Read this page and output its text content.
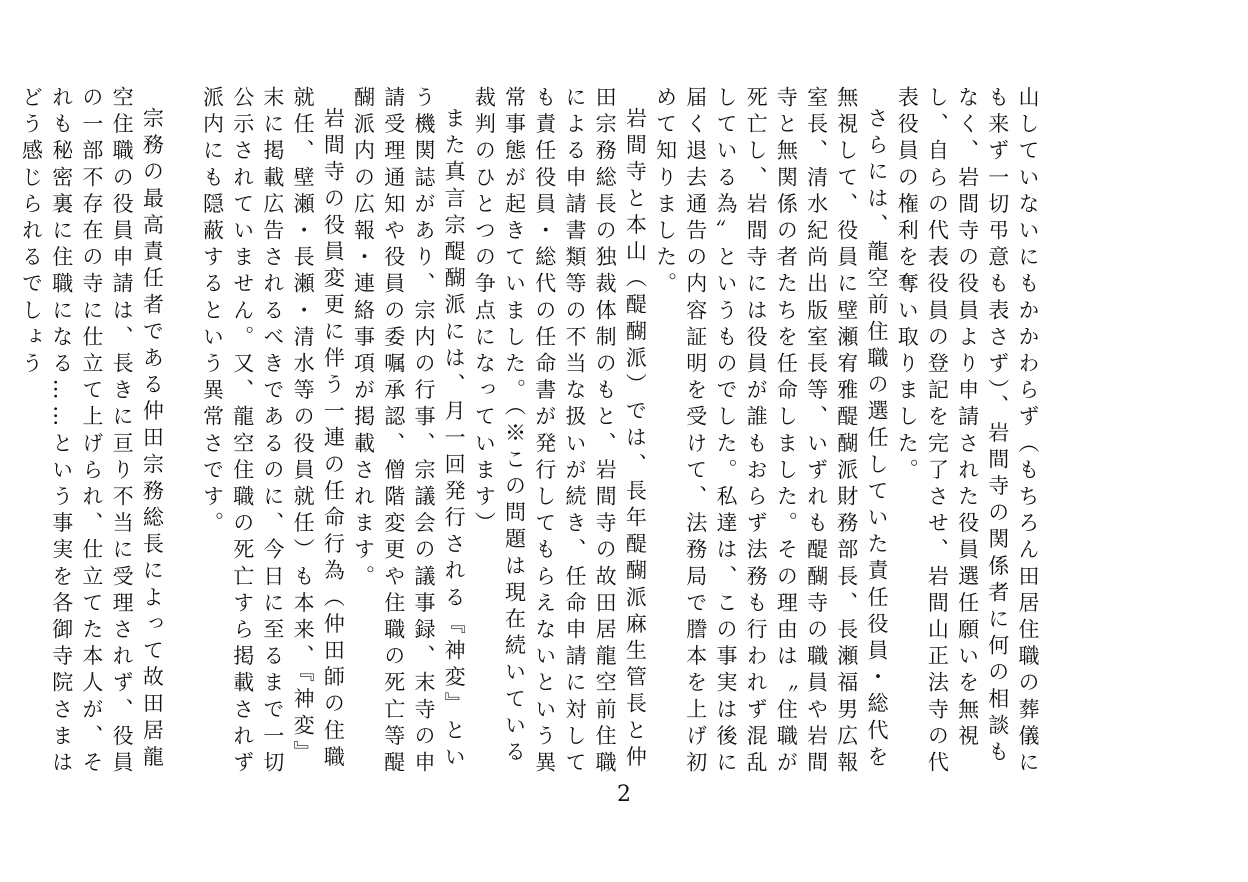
山していないにもかかわらず（もちろん田居住職の葬儀にも来ず一切弔意も表さず）、岩間寺の関係者に何の相談もなく、岩間寺の役員より申請された役員選任願いを無視し、自らの代表役員の登記を完了させ、岩間山正法寺の代表役員の権利を奪い取りました。

さらには、龍空前住職の選任していた責任役員・総代を無視して、役員に壁瀬宥雅醍醐派財務部長、長瀬福男広報室長、清水紀尚出版室長等、いずれも醍醐寺の職員や岩間寺と無関係の者たちを任命しました。その理由は〝住職が死亡し、岩間寺には役員が誰もおらず法務も行われず混乱している為〟というものでした。私達は、この事実は後に届く退去通告の内容証明を受けて、法務局で謄本を上げ初めて知りました。

岩間寺と本山（醍醐派）では、長年醍醐派麻生管長と仲田宗務総長の独裁体制のもと、岩間寺の故田居龍空前住職による申請書類等の不当な扱いが続き、任命申請に対しても責任役員・総代の任命書が発行してもらえないという異常事態が起きていました。（※この問題は現在続いている裁判のひとつの争点になっています）

また真言宗醍醐派には、月一回発行される『神変』という機関誌があり、宗内の行事、宗議会の議事録、末寺の申請受理通知や役員の委嘱承認、僧階変更や住職の死亡等醍醐派内の広報・連絡事項が掲載されます。

岩間寺の役員変更に伴う一連の任命行為（仲田師の住職就任、壁瀬・長瀬・清水等の役員就任）も本来、『神変』末に掲載広告されるべきであるのに、今日に至るまで一切公示されていません。又、龍空住職の死亡すら掲載されず派内にも隠蔽するという異常さです。

宗務の最高責任者である仲田宗務総長によって故田居龍空住職の役員申請は、長きに亘り不当に受理されず、役員の一部不存在の寺に仕立て上げられ、仕立てた本人が、それも秘密裏に住職になる……という事実を各御寺院さまはどう感じられるでしょう

2
